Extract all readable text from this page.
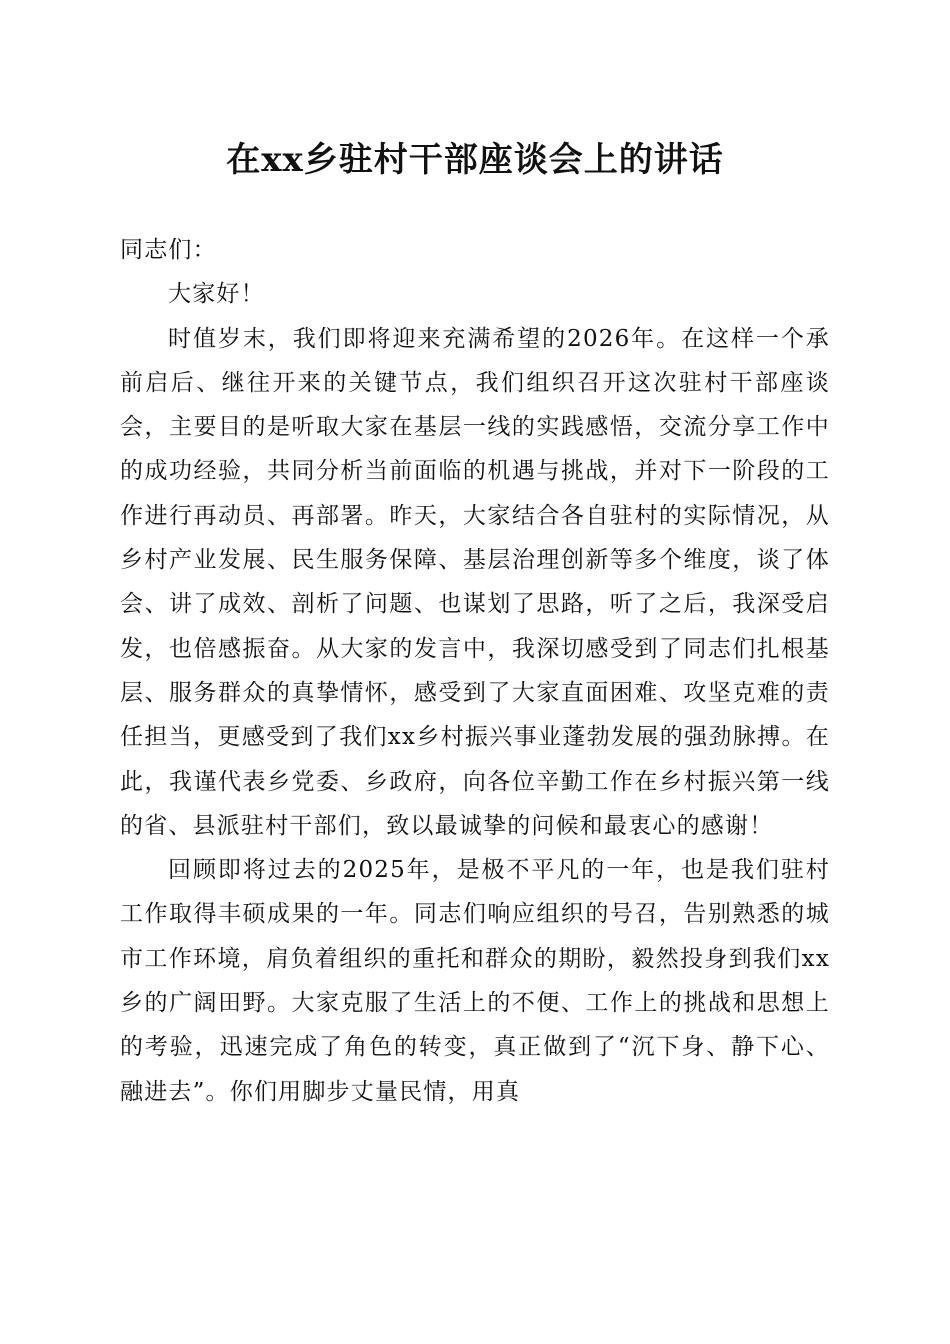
在xx乡驻村干部座谈会上的讲话

同志们：

大家好！

时值岁末，我们即将迎来充满希望的2026年。在这样一个承前启后、继往开来的关键节点，我们组织召开这次驻村干部座谈会，主要目的是听取大家在基层一线的实践感悟，交流分享工作中的成功经验，共同分析当前面临的机遇与挑战，并对下一阶段的工作进行再动员、再部署。昨天，大家结合各自驻村的实际情况，从乡村产业发展、民生服务保障、基层治理创新等多个维度，谈了体会、讲了成效、剖析了问题、也谋划了思路，听了之后，我深受启发，也倍感振奋。从大家的发言中，我深切感受到了同志们扎根基层、服务群众的真挚情怀，感受到了大家直面困难、攻坚克难的责任担当，更感受到了我们xx乡村振兴事业蓬勃发展的强劲脉搏。在此，我谨代表乡党委、乡政府，向各位辛勤工作在乡村振兴第一线的省、县派驻村干部们，致以最诚挚的问候和最衷心的感谢！

回顾即将过去的2025年，是极不平凡的一年，也是我们驻村工作取得丰硕成果的一年。同志们响应组织的号召，告别熟悉的城市工作环境，肩负着组织的重托和群众的期盼，毅然投身到我们xx乡的广阔田野。大家克服了生活上的不便、工作上的挑战和思想上的考验，迅速完成了角色的转变，真正做到了“沉下身、静下心、融进去”。你们用脚步丈量民情，用真
